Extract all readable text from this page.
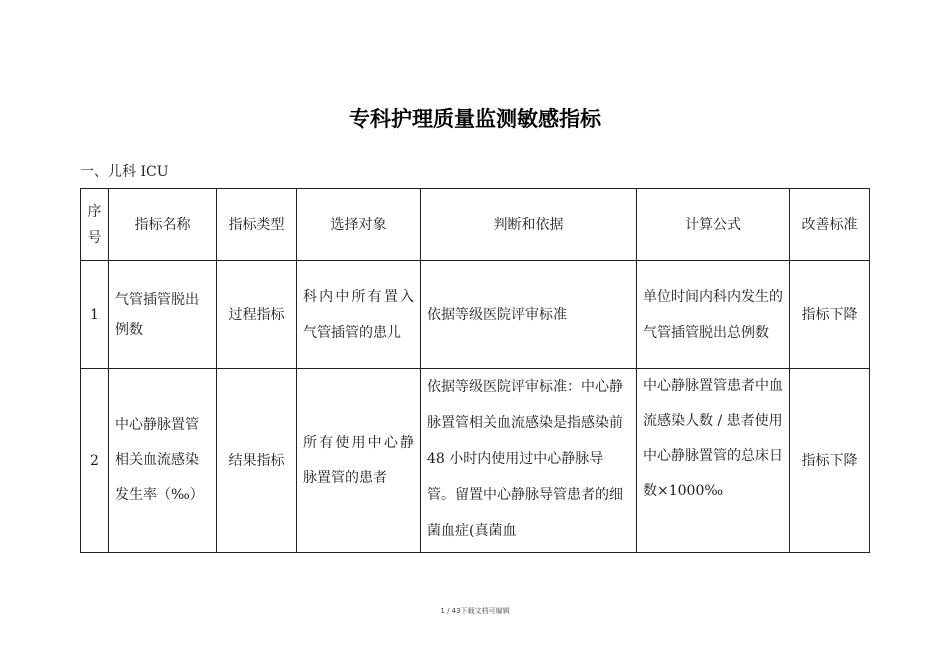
专科护理质量监测敏感指标
一、儿科 ICU
序号	指标名称	指标类型	选择对象	判断和依据	计算公式	改善标准
1	气管插管脱出例数	过程指标	科内中所有置入气管插管的患儿	依据等级医院评审标准	单位时间内科内发生的气管插管脱出总例数	指标下降
2	中心静脉置管相关血流感染发生率（‰）	结果指标	所有使用中心静脉置管的患者	依据等级医院评审标准：中心静脉置管相关血流感染是指感染前 48 小时内使用过中心静脉导管。留置中心静脉导管患者的细菌血症(真菌血	中心静脉置管患者中血流感染人数 / 患者使用中心静脉置管的总床日数×1000‰	指标下降
1 / 43下载文档可编辑
